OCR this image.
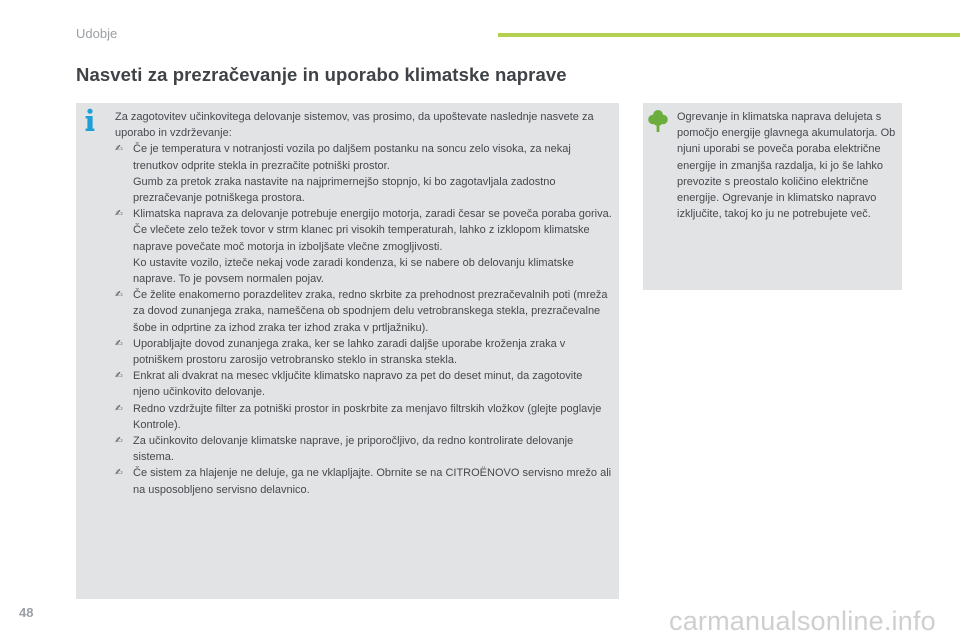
Udobje
Nasveti za prezračevanje in uporabo klimatske naprave

Za zagotovitev učinkovitega delovanje sistemov, vas prosimo, da upoštevate naslednje nasvete za uporabo in vzdrževanje:

✍ Če je temperatura v notranjosti vozila po daljšem postanku na soncu zelo visoka, za nekaj trenutkov odprite stekla in prezračite potniški prostor.
Gumb za pretok zraka nastavite na najprimernejšo stopnjo, ki bo zagotavljala zadostno prezračevanje potniškega prostora.
✍ Klimatska naprava za delovanje potrebuje energijo motorja, zaradi česar se poveča poraba goriva. Če vlečete zelo težek tovor v strm klanec pri visokih temperaturah, lahko z izklopom klimatske naprave povečate moč motorja in izboljšate vlečne zmogljivosti.
Ko ustavite vozilo, izteče nekaj vode zaradi kondenza, ki se nabere ob delovanju klimatske naprave. To je povsem normalen pojav.
✍ Če želite enakomerno porazdelitev zraka, redno skrbite za prehodnost prezračevalnih poti (mreža za dovod zunanjega zraka, nameščena ob spodnjem delu vetrobranskega stekla, prezračevalne šobe in odprtine za izhod zraka ter izhod zraka v prtljažniku).
✍ Uporabljajte dovod zunanjega zraka, ker se lahko zaradi daljše uporabe kroženja zraka v potniškem prostoru zarosijo vetrobransko steklo in stranska stekla.
✍ Enkrat ali dvakrat na mesec vključite klimatsko napravo za pet do deset minut, da zagotovite njeno učinkovito delovanje.
✍ Redno vzdržujte filter za potniški prostor in poskrbite za menjavo filtrskih vložkov (glejte poglavje Kontrole).
✍ Za učinkovito delovanje klimatske naprave, je priporočljivo, da redno kontrolirate delovanje sistema.
✍ Če sistem za hlajenje ne deluje, ga ne vklapljajte. Obrnite se na CITROËNOVO servisno mrežo ali na usposobljeno servisno delavnico.

Ogrevanje in klimatska naprava delujeta s pomočjo energije glavnega akumulatorja. Ob njuni uporabi se poveča poraba električne energije in zmanjša razdalja, ki jo še lahko prevozite s preostalo količino električne energije. Ogrevanje in klimatsko napravo izključite, takoj ko ju ne potrebujete več.

48	carmanualsonline.info
